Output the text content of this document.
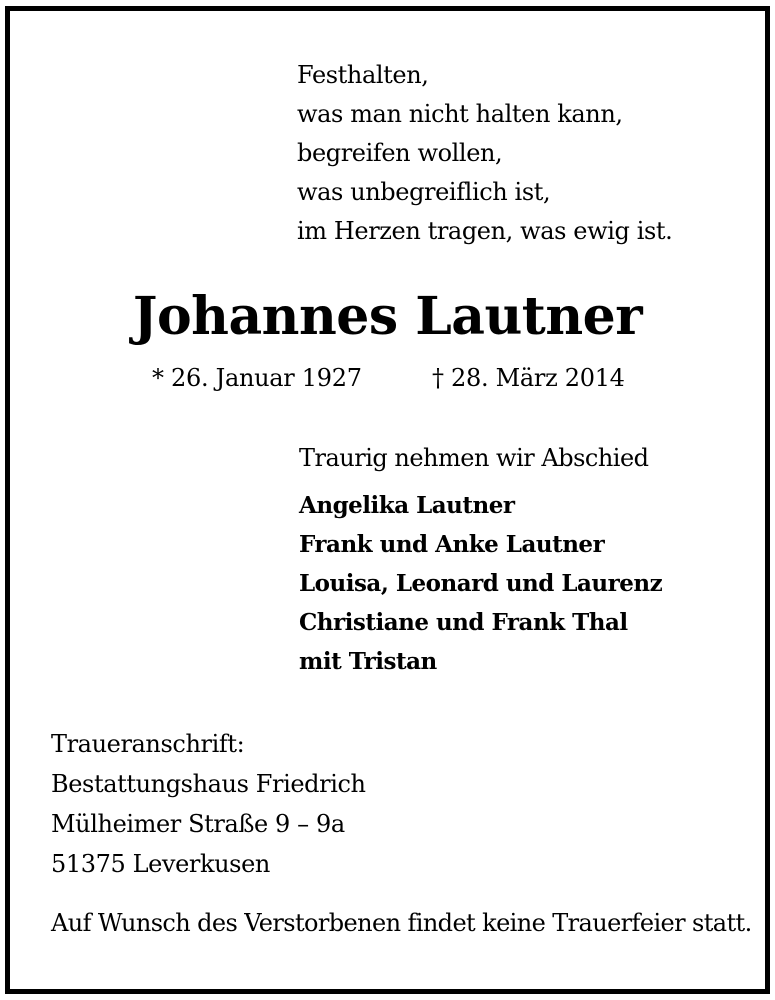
Festhalten,
was man nicht halten kann,
begreifen wollen,
was unbegreiflich ist,
im Herzen tragen, was ewig ist.
Johannes Lautner
* 26. Januar 1927	† 28. März 2014
Traurig nehmen wir Abschied
Angelika Lautner
Frank und Anke Lautner
Louisa, Leonard und Laurenz
Christiane und Frank Thal
mit Tristan
Traueranschrift:
Bestattungshaus Friedrich
Mülheimer Straße 9 – 9a
51375 Leverkusen
Auf Wunsch des Verstorbenen findet keine Trauerfeier statt.
